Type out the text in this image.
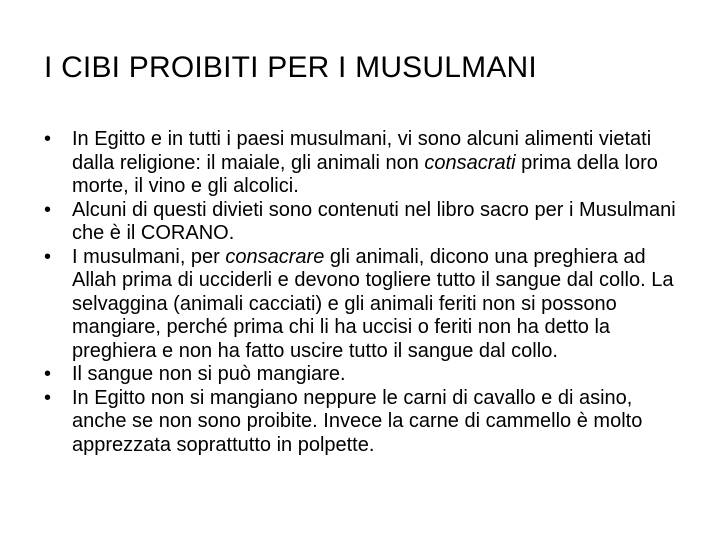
I CIBI PROIBITI PER I MUSULMANI
•	In Egitto e in tutti i paesi musulmani, vi sono alcuni alimenti vietati dalla religione: il maiale, gli animali non consacrati prima della loro morte, il vino e gli alcolici.
•	Alcuni di questi divieti sono contenuti nel libro sacro per i Musulmani che è il CORANO.
•	I musulmani, per consacrare gli animali, dicono una preghiera ad Allah prima di ucciderli e devono togliere tutto il sangue dal collo. La selvaggina (animali cacciati) e gli animali feriti non si possono mangiare, perché prima chi li ha uccisi o feriti non ha detto la preghiera e non ha fatto uscire tutto il sangue dal collo.
•	Il sangue non si può mangiare.
•	In Egitto non si mangiano neppure le carni di cavallo e di asino, anche se non sono proibite. Invece la carne di cammello è molto apprezzata soprattutto in polpette.
